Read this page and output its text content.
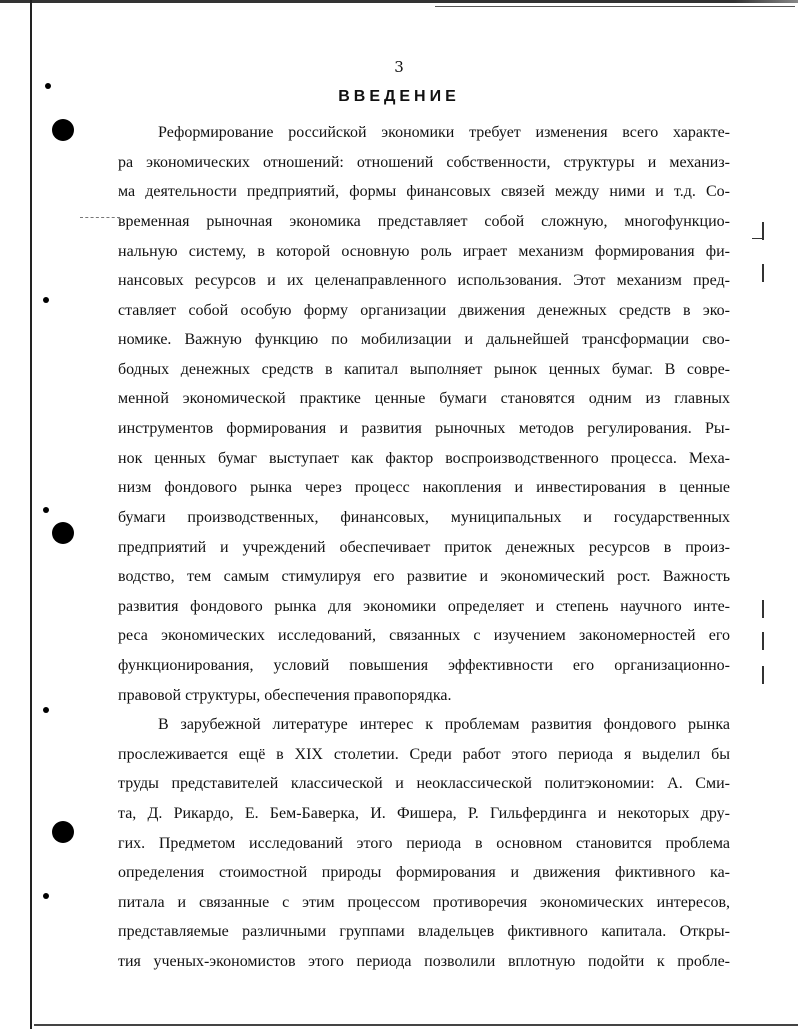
3
ВВЕДЕНИЕ
Реформирование российской экономики требует изменения всего характе-
ра экономических отношений: отношений собственности, структуры и механиз-
ма деятельности предприятий, формы финансовых связей между ними и т.д. Со-
временная рыночная экономика представляет собой сложную, многофункцио-
нальную систему, в которой основную роль играет механизм формирования фи-
нансовых ресурсов и их целенаправленного использования. Этот механизм пред-
ставляет собой особую форму организации движения денежных средств в эко-
номике. Важную функцию по мобилизации и дальнейшей трансформации сво-
бодных денежных средств в капитал выполняет рынок ценных бумаг. В совре-
менной экономической практике ценные бумаги становятся одним из главных
инструментов формирования и развития рыночных методов регулирования. Ры-
нок ценных бумаг выступает как фактор воспроизводственного процесса. Меха-
низм фондового рынка через процесс накопления и инвестирования в ценные
бумаги производственных, финансовых, муниципальных и государственных
предприятий и учреждений обеспечивает приток денежных ресурсов в произ-
водство, тем самым стимулируя его развитие и экономический рост. Важность
развития фондового рынка для экономики определяет и степень научного инте-
реса экономических исследований, связанных с изучением закономерностей его
функционирования, условий повышения эффективности его организационно-
правовой структуры, обеспечения правопорядка.
В зарубежной литературе интерес к проблемам развития фондового рынка
прослеживается ещё в XIX столетии. Среди работ этого периода я выделил бы
труды представителей классической и неоклассической политэкономии: А. Сми-
та, Д. Рикардо, Е. Бем-Баверка, И. Фишера, Р. Гильфердинга и некоторых дру-
гих. Предметом исследований этого периода в основном становится проблема
определения стоимостной природы формирования и движения фиктивного ка-
питала и связанные с этим процессом противоречия экономических интересов,
представляемые различными группами владельцев фиктивного капитала. Откры-
тия ученых-экономистов этого периода позволили вплотную подойти к пробле-
